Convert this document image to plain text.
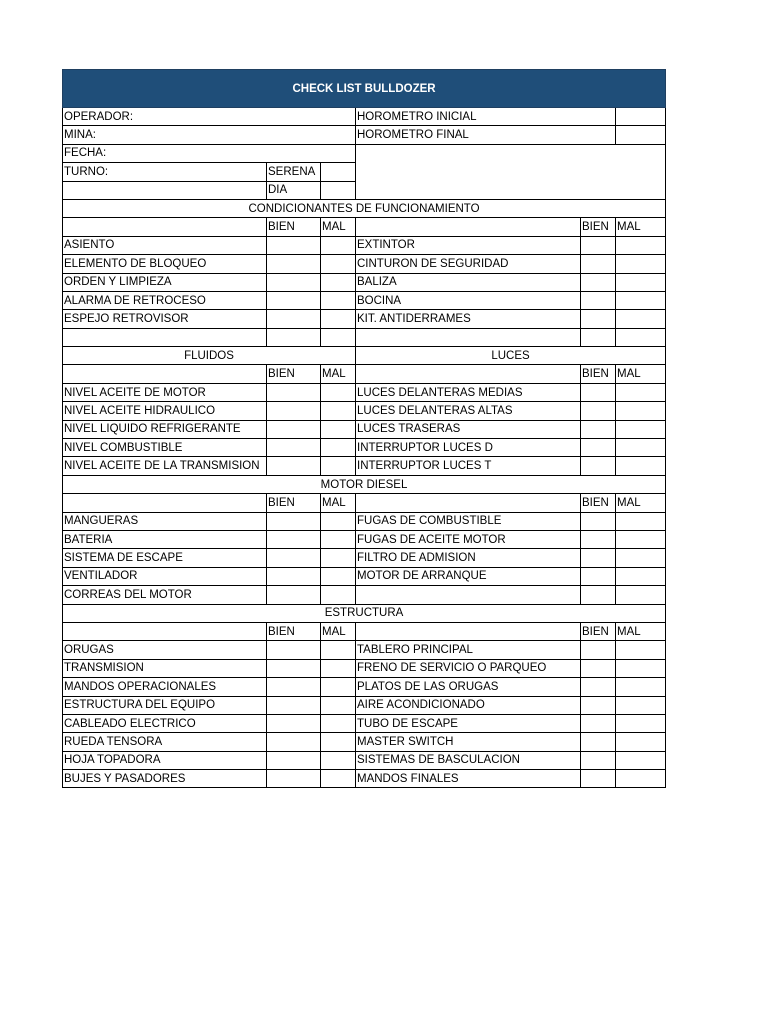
CHECK LIST BULLDOZER					
OPERADOR:			HOROMETRO INICIAL		
MINA:			HOROMETRO FINAL		
FECHA:					
TURNO:	SERENA				
	DIA				
CONDICIONANTES DE FUNCIONAMIENTO					
	BIEN	MAL		BIEN	MAL
ASIENTO			EXTINTOR		
ELEMENTO DE BLOQUEO			CINTURON DE SEGURIDAD		
ORDEN Y LIMPIEZA			BALIZA		
ALARMA DE RETROCESO			BOCINA		
ESPEJO RETROVISOR			KIT. ANTIDERRAMES		

FLUIDOS			LUCES		
	BIEN	MAL		BIEN	MAL
NIVEL ACEITE DE MOTOR			LUCES DELANTERAS MEDIAS		
NIVEL ACEITE HIDRAULICO			LUCES DELANTERAS ALTAS		
NIVEL LIQUIDO REFRIGERANTE			LUCES TRASERAS		
NIVEL COMBUSTIBLE			INTERRUPTOR LUCES D		
NIVEL ACEITE DE LA TRANSMISION			INTERRUPTOR LUCES T		
MOTOR DIESEL					
	BIEN	MAL		BIEN	MAL
MANGUERAS			FUGAS DE COMBUSTIBLE		
BATERIA			FUGAS DE ACEITE MOTOR		
SISTEMA DE ESCAPE			FILTRO DE ADMISION		
VENTILADOR			MOTOR DE ARRANQUE		
CORREAS DEL MOTOR					
ESTRUCTURA					
	BIEN	MAL		BIEN	MAL
ORUGAS			TABLERO PRINCIPAL		
TRANSMISION			FRENO DE SERVICIO O PARQUEO		
MANDOS OPERACIONALES			PLATOS DE LAS ORUGAS		
ESTRUCTURA DEL EQUIPO			AIRE ACONDICIONADO		
CABLEADO ELECTRICO			TUBO DE ESCAPE		
RUEDA TENSORA			MASTER SWITCH		
HOJA TOPADORA			SISTEMAS DE BASCULACION		
BUJES Y PASADORES			MANDOS FINALES		
